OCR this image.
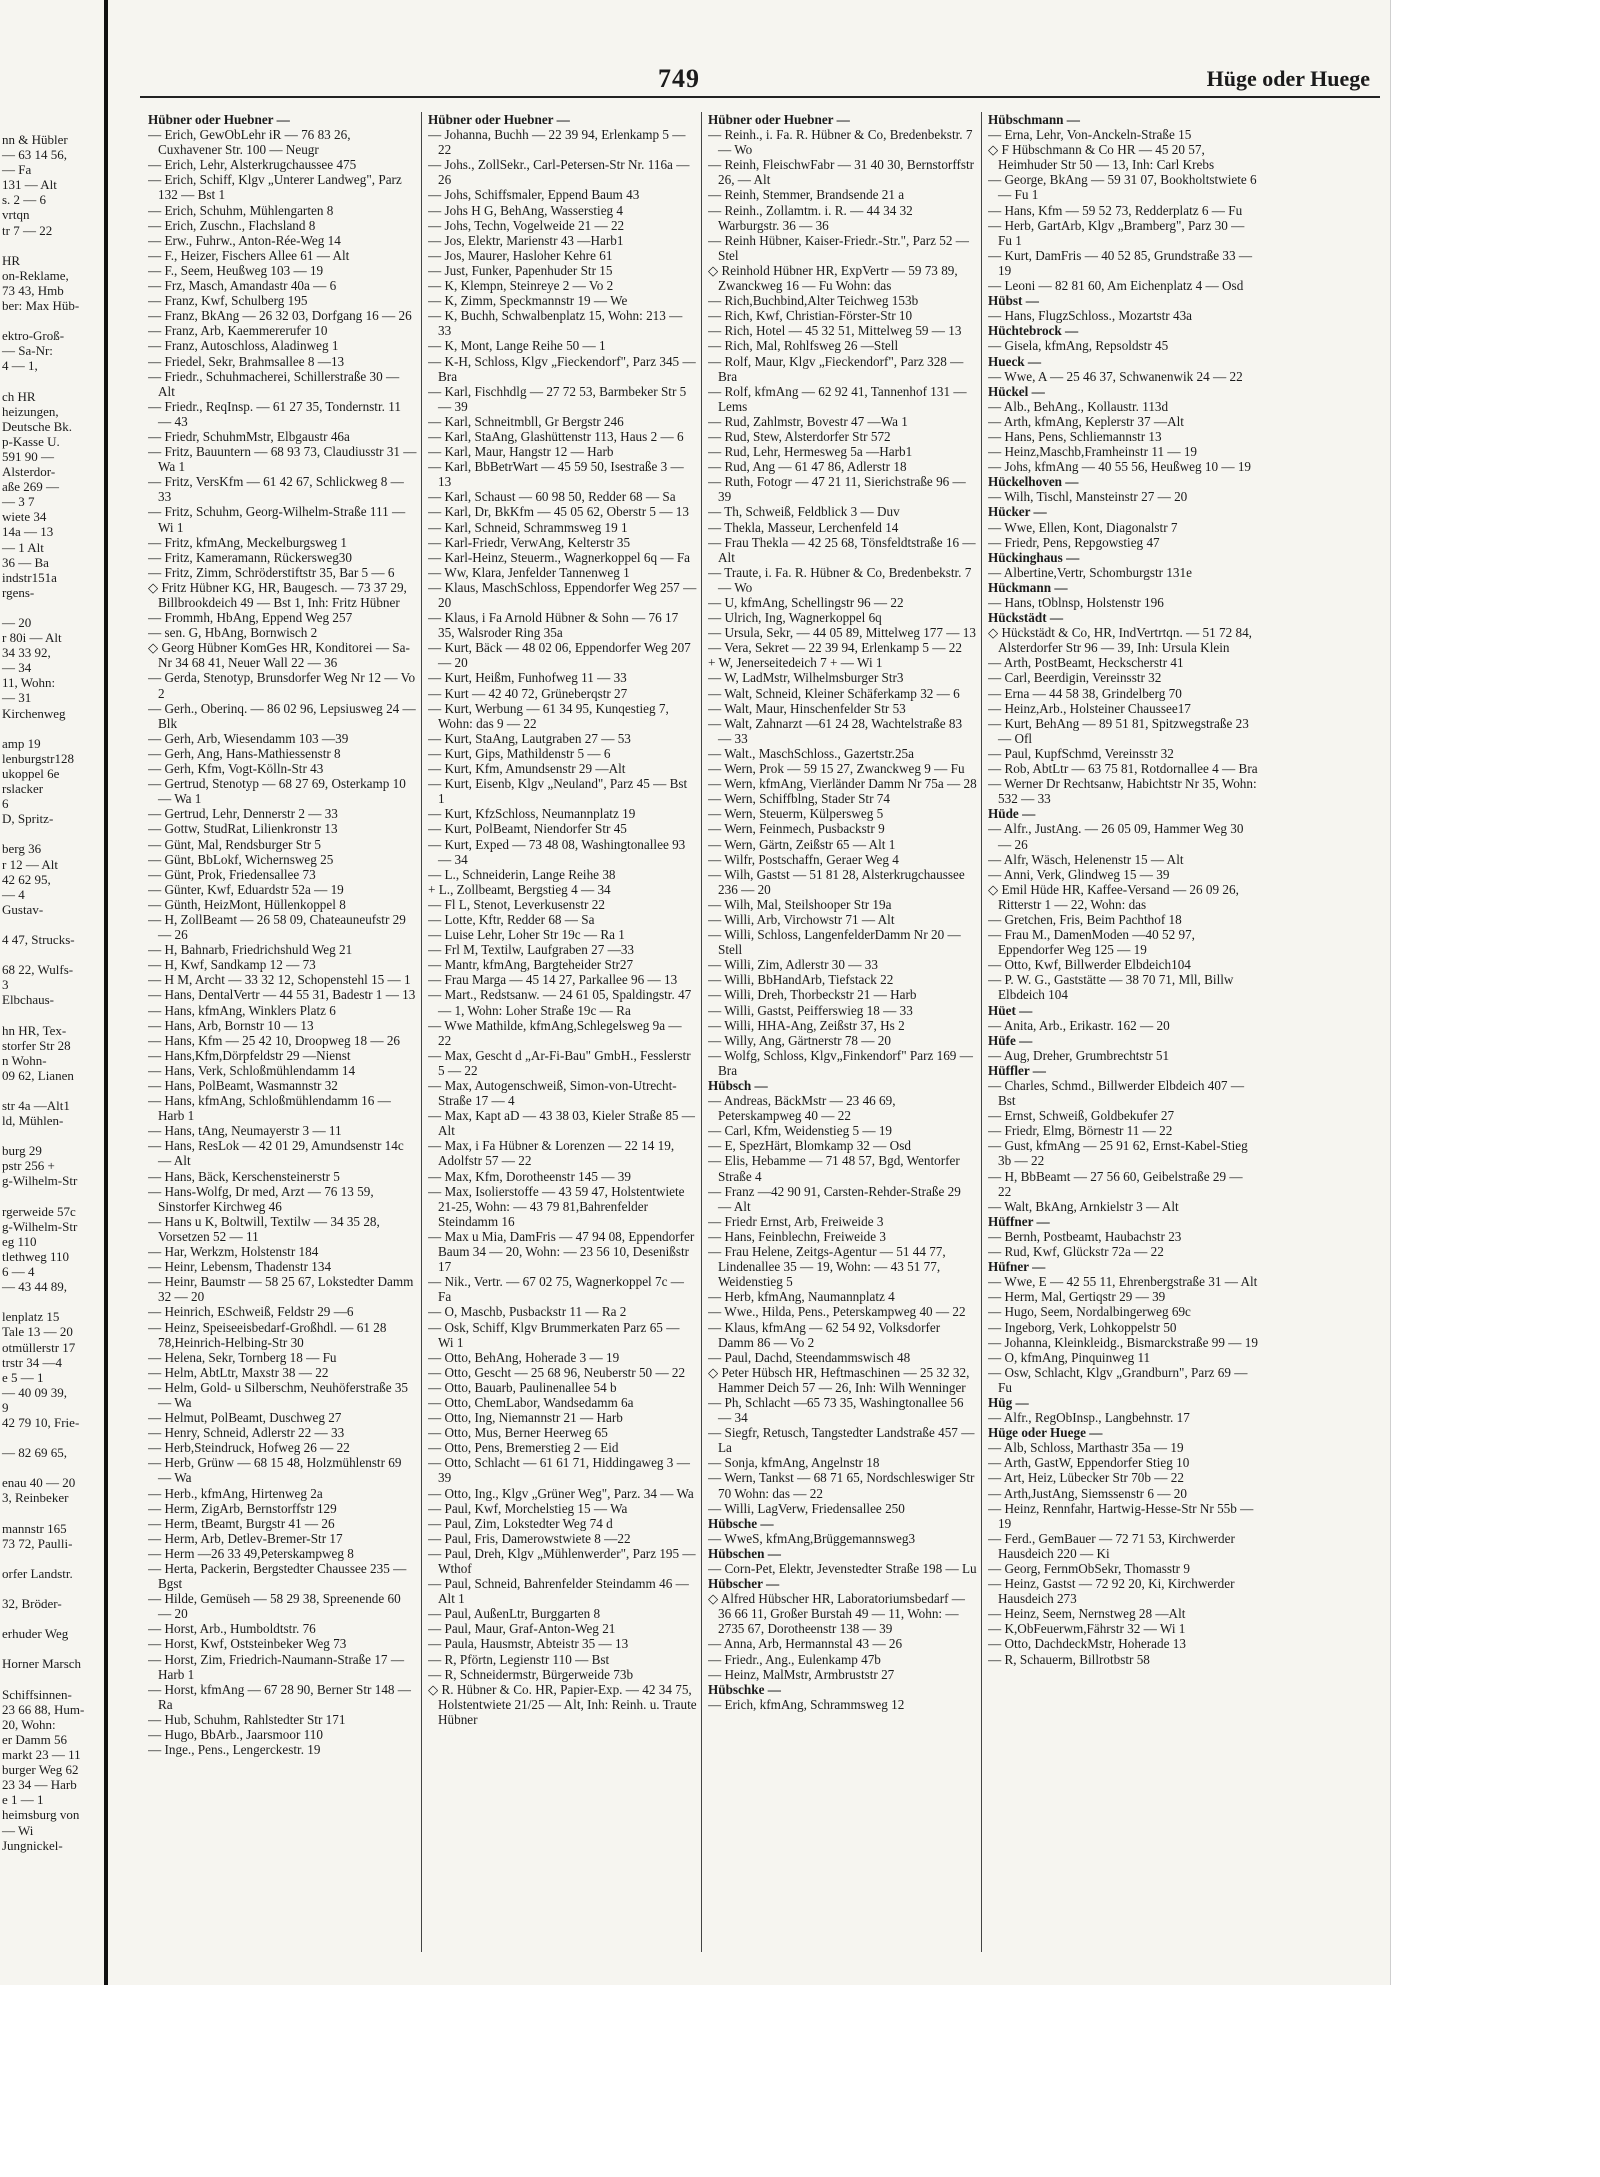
nn & Hübler
— 63 14 56,
— Fa
131 — Alt
s. 2 — 6
vrtqn
tr 7 — 22

HR
on-Reklame,
73 43, Hmb
ber: Max Hüb-

ektro-Groß-
— Sa-Nr:
4 — 1,

ch HR
heizungen,
Deutsche Bk.
p-Kasse U.
591 90 —
Alsterdor-
aße 269 —
— 3 7
wiete 34
14a — 13
— 1 Alt
36 — Ba
indstr151a
rgens-

— 20
r 80i — Alt
34 33 92,
— 34
11, Wohn:
— 31
Kirchenweg

amp 19
lenburgstr128
ukoppel 6e
rslacker
6
D, Spritz-

berg 36
r 12 — Alt
42 62 95,
— 4
Gustav-

4 47, Strucks-

68 22, Wulfs-
3
Elbchaus-

hn HR, Tex-
storfer Str 28
n Wohn-
09 62, Lianen

str 4a —Alt1
ld, Mühlen-

burg 29
pstr 256 +
g-Wilhelm-Str

rgerweide 57c
g-Wilhelm-Str
eg 110
tlethweg 110
6 — 4
— 43 44 89,

lenplatz 15
Tale 13 — 20
otmüllerstr 17
trstr 34 —4
e 5 — 1
— 40 09 39,
9
42 79 10, Frie-

— 82 69 65,

enau 40 — 20
3, Reinbeker

mannstr 165
73 72, Paulli-

orfer Landstr.

32, Bröder-

erhuder Weg

Horner Marsch

Schiffsinnen-
23 66 88, Hum-
20, Wohn:
er Damm 56
markt 23 — 11
burger Weg 62
23 34 — Harb
e 1 — 1
heimsburg von
— Wi
Jungnickel-
749	Hüge oder Huege
Hübner oder Huebner —
— Erich, GewObLehr iR — 76 83 26, Cuxhavener Str. 100 — Neugr
— Erich, Lehr, Alsterkrugchaussee 475
— Erich, Schiff, Klgv „Unterer Landweg", Parz 132 — Bst 1
— Erich, Schuhm, Mühlengarten 8
— Erich, Zuschn., Flachsland 8
— Erw., Fuhrw., Anton-Rée-Weg 14
— F., Heizer, Fischers Allee 61 — Alt
— F., Seem, Heußweg 103 — 19
— Frz, Masch, Amandastr 40a — 6
— Franz, Kwf, Schulberg 195
— Franz, BkAng — 26 32 03, Dorfgang 16 — 26
— Franz, Arb, Kaemmererufer 10
— Franz, Autoschloss, Aladinweg 1
— Friedel, Sekr, Brahmsallee 8 —13
— Friedr., Schuhmacherei, Schillerstraße 30 — Alt
— Friedr., ReqInsp. — 61 27 35, Tondernstr. 11 — 43
— Friedr, SchuhmMstr, Elbgaustr 46a
— Fritz, Bauuntern — 68 93 73, Claudiusstr 31 — Wa 1
— Fritz, VersKfm — 61 42 67, Schlickweg 8 — 33
— Fritz, Schuhm, Georg-Wilhelm-Straße 111 — Wi 1
— Fritz, kfmAng, Meckelburgsweg 1
— Fritz, Kameramann, Rückersweg30
— Fritz, Zimm, Schröderstiftstr 35, Bar 5 — 6
◇ Fritz Hübner KG, HR, Baugesch. — 73 37 29, Billbrookdeich 49 — Bst 1, Inh: Fritz Hübner
— Frommh, HbAng, Eppend Weg 257
— sen. G, HbAng, Bornwisch 2
◇ Georg Hübner KomGes HR, Konditorei — Sa-Nr 34 68 41, Neuer Wall 22 — 36
— Gerda, Stenotyp, Brunsdorfer Weg Nr 12 — Vo 2
— Gerh., Oberinq. — 86 02 96, Lepsiusweg 24 — Blk
— Gerh, Arb, Wiesendamm 103 —39
— Gerh, Ang, Hans-Mathiessenstr 8
— Gerh, Kfm, Vogt-Kölln-Str 43
— Gertrud, Stenotyp — 68 27 69, Osterkamp 10 — Wa 1
— Gertrud, Lehr, Dennerstr 2 — 33
— Gottw, StudRat, Lilienkronstr 13
— Günt, Mal, Rendsburger Str 5
— Günt, BbLokf, Wichernsweg 25
— Günt, Prok, Friedensallee 73
— Günter, Kwf, Eduardstr 52a — 19
— Günth, HeizMont, Hüllenkoppel 8
— H, ZollBeamt — 26 58 09, Chateauneufstr 29 — 26
— H, Bahnarb, Friedrichshuld Weg 21
— H, Kwf, Sandkamp 12 — 73
— H M, Archt — 33 32 12, Schopenstehl 15 — 1
— Hans, DentalVertr — 44 55 31, Badestr 1 — 13
— Hans, kfmAng, Winklers Platz 6
— Hans, Arb, Bornstr 10 — 13
— Hans, Kfm — 25 42 10, Droopweg 18 — 26
— Hans,Kfm,Dörpfeldstr 29 —Nienst
— Hans, Verk, Schloßmühlendamm 14
— Hans, PolBeamt, Wasmannstr 32
— Hans, kfmAng, Schloßmühlendamm 16 — Harb 1
— Hans, tAng, Neumayerstr 3 — 11
— Hans, ResLok — 42 01 29, Amundsenstr 14c — Alt
— Hans, Bäck, Kerschensteinerstr 5
— Hans-Wolfg, Dr med, Arzt — 76 13 59, Sinstorfer Kirchweg 46
— Hans u K, Boltwill, Textilw — 34 35 28, Vorsetzen 52 — 11
— Har, Werkzm, Holstenstr 184
— Heinr, Lebensm, Thadenstr 134
— Heinr, Baumstr — 58 25 67, Lokstedter Damm 32 — 20
— Heinrich, ESchweiß, Feldstr 29 —6
— Heinz, Speiseeisbedarf-Großhdl. — 61 28 78,Heinrich-Helbing-Str 30
— Helena, Sekr, Tornberg 18 — Fu
— Helm, AbtLtr, Maxstr 38 — 22
— Helm, Gold- u Silberschm, Neuhöferstraße 35 — Wa
— Helmut, PolBeamt, Duschweg 27
— Henry, Schneid, Adlerstr 22 — 33
— Herb,Steindruck, Hofweg 26 — 22
— Herb, Grünw — 68 15 48, Holzmühlenstr 69 — Wa
— Herb., kfmAng, Hirtenweg 2a
— Herm, ZigArb, Bernstorffstr 129
— Herm, tBeamt, Burgstr 41 — 26
— Herm, Arb, Detlev-Bremer-Str 17
— Herm —26 33 49,Peterskampweg 8
— Herta, Packerin, Bergstedter Chaussee 235 — Bgst
— Hilde, Gemüseh — 58 29 38, Spreenende 60 — 20
— Horst, Arb., Humboldtstr. 76
— Horst, Kwf, Oststeinbeker Weg 73
— Horst, Zim, Friedrich-Naumann-Straße 17 — Harb 1
— Horst, kfmAng — 67 28 90, Berner Str 148 — Ra
— Hub, Schuhm, Rahlstedter Str 171
— Hugo, BbArb., Jaarsmoor 110
— Inge., Pens., Lengerckestr. 19
Hübner oder Huebner —
— Johanna, Buchh — 22 39 94, Erlenkamp 5 — 22
— Johs., ZollSekr., Carl-Petersen-Str Nr. 116a — 26
— Johs, Schiffsmaler, Eppend Baum 43
— Johs H G, BehAng, Wasserstieg 4
— Johs, Techn, Vogelweide 21 — 22
— Jos, Elektr, Marienstr 43 —Harb1
— Jos, Maurer, Hasloher Kehre 61
— Just, Funker, Papenhuder Str 15
— K, Klempn, Steinreye 2 — Vo 2
— K, Zimm, Speckmannstr 19 — We
— K, Buchh, Schwalbenplatz 15, Wohn: 213 — 33
— K, Mont, Lange Reihe 50 — 1
— K-H, Schloss, Klgv „Fieckendorf", Parz 345 — Bra
— Karl, Fischhdlg — 27 72 53, Barmbeker Str 5 — 39
— Karl, Schneitmbll, Gr Bergstr 246
— Karl, StaAng, Glashüttenstr 113, Haus 2 — 6
— Karl, Maur, Hangstr 12 — Harb
— Karl, BbBetrWart — 45 59 50, Isestraße 3 — 13
— Karl, Schaust — 60 98 50, Redder 68 — Sa
— Karl, Dr, BkKfm — 45 05 62, Oberstr 5 — 13
— Karl, Schneid, Schrammsweg 19 1
— Karl-Friedr, VerwAng, Kelterstr 35
— Karl-Heinz, Steuerm., Wagnerkoppel 6q — Fa
— Ww, Klara, Jenfelder Tannenweg 1
— Klaus, MaschSchloss, Eppendorfer Weg 257 — 20
— Klaus, i Fa Arnold Hübner & Sohn — 76 17 35, Walsroder Ring 35a
— Kurt, Bäck — 48 02 06, Eppendorfer Weg 207 — 20
— Kurt, Heißm, Funhofweg 11 — 33
— Kurt — 42 40 72, Grüneberqstr 27
— Kurt, Werbung — 61 34 95, Kunqestieg 7, Wohn: das 9 — 22
— Kurt, StaAng, Lautgraben 27 — 53
— Kurt, Gips, Mathildenstr 5 — 6
— Kurt, Kfm, Amundsenstr 29 —Alt
— Kurt, Eisenb, Klgv „Neuland", Parz 45 — Bst 1
— Kurt, KfzSchloss, Neumannplatz 19
— Kurt, PolBeamt, Niendorfer Str 45
— Kurt, Exped — 73 48 08, Washingtonallee 93 — 34
— L., Schneiderin, Lange Reihe 38
+ L., Zollbeamt, Bergstieg 4 — 34
— Fl L, Stenot, Leverkusenstr 22
— Lotte, Kftr, Redder 68 — Sa
— Luise Lehr, Loher Str 19c — Ra 1
— Frl M, Textilw, Laufgraben 27 —33
— Mantr, kfmAng, Bargteheider Str27
— Frau Marga — 45 14 27, Parkallee 96 — 13
— Mart., Redstsanw. — 24 61 05, Spaldingstr. 47 — 1, Wohn: Loher Straße 19c — Ra
— Wwe Mathilde, kfmAng,Schlegelsweg 9a — 22
— Max, Gescht d „Ar-Fi-Bau" GmbH., Fesslerstr 5 — 22
— Max, Autogenschweiß, Simon-von-Utrecht-Straße 17 — 4
— Max, Kapt aD — 43 38 03, Kieler Straße 85 — Alt
— Max, i Fa Hübner & Lorenzen — 22 14 19, Adolfstr 57 — 22
— Max, Kfm, Dorotheenstr 145 — 39
— Max, Isolierstoffe — 43 59 47, Holstentwiete 21-25, Wohn: — 43 79 81,Bahrenfelder Steindamm 16
— Max u Mia, DamFris — 47 94 08, Eppendorfer Baum 34 — 20, Wohn: — 23 56 10, Desenißstr 17
— Nik., Vertr. — 67 02 75, Wagnerkoppel 7c — Fa
— O, Maschb, Pusbackstr 11 — Ra 2
— Osk, Schiff, Klgv Brummerkaten Parz 65 — Wi 1
— Otto, BehAng, Hoherade 3 — 19
— Otto, Gescht — 25 68 96, Neuberstr 50 — 22
— Otto, Bauarb, Paulinenallee 54 b
— Otto, ChemLabor, Wandsedamm 6a
— Otto, Ing, Niemannstr 21 — Harb
— Otto, Mus, Berner Heerweg 65
— Otto, Pens, Bremerstieg 2 — Eid
— Otto, Schlacht — 61 61 71, Hiddingaweg 3 — 39
— Otto, Ing., Klgv „Grüner Weg", Parz. 34 — Wa
— Paul, Kwf, Morchelstieg 15 — Wa
— Paul, Zim, Lokstedter Weg 74 d
— Paul, Fris, Damerowstwiete 8 —22
— Paul, Dreh, Klgv „Mühlenwerder", Parz 195 — Wthof
— Paul, Schneid, Bahrenfelder Steindamm 46 — Alt 1
— Paul, AußenLtr, Burggarten 8
— Paul, Maur, Graf-Anton-Weg 21
— Paula, Hausmstr, Abteistr 35 — 13
— R, Pförtn, Legienstr 110 — Bst
— R, Schneidermstr, Bürgerweide 73b
◇ R. Hübner & Co. HR, Papier-Exp. — 42 34 75, Holstentwiete 21/25 — Alt, Inh: Reinh. u. Traute Hübner
Hübner oder Huebner —
— Reinh., i. Fa. R. Hübner & Co, Bredenbekstr. 7 — Wo
— Reinh, FleischwFabr — 31 40 30, Bernstorffstr 26, — Alt
— Reinh, Stemmer, Brandsende 21 a
— Reinh., Zollamtm. i. R. — 44 34 32 Warburgstr. 36 — 36
— Reinh Hübner, Kaiser-Friedr.-Str.", Parz 52 — Stel
◇ Reinhold Hübner HR, ExpVertr — 59 73 89, Zwanckweg 16 — Fu Wohn: das
— Rich,Buchbind,Alter Teichweg 153b
— Rich, Kwf, Christian-Förster-Str 10
— Rich, Hotel — 45 32 51, Mittelweg 59 — 13
— Rich, Mal, Rohlfsweg 26 —Stell
— Rolf, Maur, Klgv „Fieckendorf", Parz 328 — Bra
— Rolf, kfmAng — 62 92 41, Tannenhof 131 — Lems
— Rud, Zahlmstr, Bovestr 47 —Wa 1
— Rud, Stew, Alsterdorfer Str 572
— Rud, Lehr, Hermesweg 5a —Harb1
— Rud, Ang — 61 47 86, Adlerstr 18
— Ruth, Fotogr — 47 21 11, Sierichstraße 96 — 39
— Th, Schweiß, Feldblick 3 — Duv
— Thekla, Masseur, Lerchenfeld 14
— Frau Thekla — 42 25 68, Tönsfeldtstraße 16 — Alt
— Traute, i. Fa. R. Hübner & Co, Bredenbekstr. 7 — Wo
— U, kfmAng, Schellingstr 96 — 22
— Ulrich, Ing, Wagnerkoppel 6q
— Ursula, Sekr, — 44 05 89, Mittelweg 177 — 13
— Vera, Sekret — 22 39 94, Erlenkamp 5 — 22
+ W, Jenerseitedeich 7 + — Wi 1
— W, LadMstr, Wilhelmsburger Str3
— Walt, Schneid, Kleiner Schäferkamp 32 — 6
— Walt, Maur, Hinschenfelder Str 53
— Walt, Zahnarzt —61 24 28, Wachtelstraße 83 — 33
— Walt., MaschSchloss., Gazertstr.25a
— Wern, Prok — 59 15 27, Zwanckweg 9 — Fu
— Wern, kfmAng, Vierländer Damm Nr 75a — 28
— Wern, Schiffblng, Stader Str 74
— Wern, Steuerm, Külpersweg 5
— Wern, Feinmech, Pusbackstr 9
— Wern, Gärtn, Zeißstr 65 — Alt 1
— Wilfr, Postschaffn, Geraer Weg 4
— Wilh, Gastst — 51 81 28, Alsterkrugchaussee 236 — 20
— Wilh, Mal, Steilshooper Str 19a
— Willi, Arb, Virchowstr 71 — Alt
— Willi, Schloss, LangenfelderDamm Nr 20 — Stell
— Willi, Zim, Adlerstr 30 — 33
— Willi, BbHandArb, Tiefstack 22
— Willi, Dreh, Thorbeckstr 21 — Harb
— Willi, Gastst, Peifferswieg 18 — 33
— Willi, HHA-Ang, Zeißstr 37, Hs 2
— Willy, Ang, Gärtnerstr 78 — 20
— Wolfg, Schloss, Klgv„Finkendorf" Parz 169 — Bra
Hübsch —
— Andreas, BäckMstr — 23 46 69, Peterskampweg 40 — 22
— Carl, Kfm, Weidenstieg 5 — 19
— E, SpezHärt, Blomkamp 32 — Osd
— Elis, Hebamme — 71 48 57, Bgd, Wentorfer Straße 4
— Franz —42 90 91, Carsten-Rehder-Straße 29 — Alt
— Friedr Ernst, Arb, Freiweide 3
— Hans, Feinblechn, Freiweide 3
— Frau Helene, Zeitgs-Agentur — 51 44 77, Lindenallee 35 — 19, Wohn: — 43 51 77, Weidenstieg 5
— Herb, kfmAng, Naumannplatz 4
— Wwe., Hilda, Pens., Peterskampweg 40 — 22
— Klaus, kfmAng — 62 54 92, Volksdorfer Damm 86 — Vo 2
— Paul, Dachd, Steendammswisch 48
◇ Peter Hübsch HR, Heftmaschinen — 25 32 32, Hammer Deich 57 — 26, Inh: Wilh Wenninger
— Ph, Schlacht —65 73 35, Washingtonallee 56 — 34
— Siegfr, Retusch, Tangstedter Landstraße 457 — La
— Sonja, kfmAng, Angelnstr 18
— Wern, Tankst — 68 71 65, Nordschleswiger Str 70 Wohn: das — 22
— Willi, LagVerw, Friedensallee 250
Hübsche —
— WweS, kfmAng,Brüggemannsweg3
Hübschen —
— Corn-Pet, Elektr, Jevenstedter Straße 198 — Lu
Hübscher —
◇ Alfred Hübscher HR, Laboratoriumsbedarf — 36 66 11, Großer Burstah 49 — 11, Wohn: — 2735 67, Dorotheenstr 138 — 39
— Anna, Arb, Hermannstal 43 — 26
— Friedr., Ang., Eulenkamp 47b
— Heinz, MalMstr, Armbruststr 27
Hübschke —
— Erich, kfmAng, Schrammsweg 12
Hübschmann —
— Erna, Lehr, Von-Anckeln-Straße 15
◇ F Hübschmann & Co HR — 45 20 57, Heimhuder Str 50 — 13, Inh: Carl Krebs
— George, BkAng — 59 31 07, Bookholtstwiete 6 — Fu 1
— Hans, Kfm — 59 52 73, Redderplatz 6 — Fu
— Herb, GartArb, Klgv „Bramberg", Parz 30 — Fu 1
— Kurt, DamFris — 40 52 85, Grundstraße 33 — 19
— Leoni — 82 81 60, Am Eichenplatz 4 — Osd
Hübst —
— Hans, FlugzSchloss., Mozartstr 43a
Hüchtebrock —
— Gisela, kfmAng, Repsoldstr 45
Hueck —
— Wwe, A — 25 46 37, Schwanenwik 24 — 22
Hückel —
— Alb., BehAng., Kollaustr. 113d
— Arth, kfmAng, Keplerstr 37 —Alt
— Hans, Pens, Schliemannstr 13
— Heinz,Maschb,Framheinstr 11 — 19
— Johs, kfmAng — 40 55 56, Heußweg 10 — 19
Hückelhoven —
— Wilh, Tischl, Mansteinstr 27 — 20
Hücker —
— Wwe, Ellen, Kont, Diagonalstr 7
— Friedr, Pens, Repgowstieg 47
Hückinghaus —
— Albertine,Vertr, Schomburgstr 131e
Hückmann —
— Hans, tOblnsp, Holstenstr 196
Hückstädt —
◇ Hückstädt & Co, HR, IndVertrtqn. — 51 72 84, Alsterdorfer Str 96 — 39, Inh: Ursula Klein
— Arth, PostBeamt, Heckscherstr 41
— Carl, Beerdigin, Vereinsstr 32
— Erna — 44 58 38, Grindelberg 70
— Heinz,Arb., Holsteiner Chaussee17
— Kurt, BehAng — 89 51 81, Spitzwegstraße 23 — Ofl
— Paul, KupfSchmd, Vereinsstr 32
— Rob, AbtLtr — 63 75 81, Rotdornallee 4 — Bra
— Werner Dr Rechtsanw, Habichtstr Nr 35, Wohn: 532 — 33
Hüde —
— Alfr., JustAng. — 26 05 09, Hammer Weg 30 — 26
— Alfr, Wäsch, Helenenstr 15 — Alt
— Anni, Verk, Glindweg 15 — 39
◇ Emil Hüde HR, Kaffee-Versand — 26 09 26, Ritterstr 1 — 22, Wohn: das
— Gretchen, Fris, Beim Pachthof 18
— Frau M., DamenModen —40 52 97, Eppendorfer Weg 125 — 19
— Otto, Kwf, Billwerder Elbdeich104
— P. W. G., Gaststätte — 38 70 71, Mll, Billw Elbdeich 104
Hüet —
— Anita, Arb., Erikastr. 162 — 20
Hüfe —
— Aug, Dreher, Grumbrechtstr 51
Hüffler —
— Charles, Schmd., Billwerder Elbdeich 407 — Bst
— Ernst, Schweiß, Goldbekufer 27
— Friedr, Elmg, Börnestr 11 — 22
— Gust, kfmAng — 25 91 62, Ernst-Kabel-Stieg 3b — 22
— H, BbBeamt — 27 56 60, Geibelstraße 29 — 22
— Walt, BkAng, Arnkielstr 3 — Alt
Hüffner —
— Bernh, Postbeamt, Haubachstr 23
— Rud, Kwf, Glückstr 72a — 22
Hüfner —
— Wwe, E — 42 55 11, Ehrenbergstraße 31 — Alt
— Herm, Mal, Gertiqstr 29 — 39
— Hugo, Seem, Nordalbingerweg 69c
— Ingeborg, Verk, Lohkoppelstr 50
— Johanna, Kleinkleidg., Bismarckstraße 99 — 19
— O, kfmAng, Pinquinweg 11
— Osw, Schlacht, Klgv „Grandburn", Parz 69 — Fu
Hüg —
— Alfr., RegObInsp., Langbehnstr. 17
Hüge oder Huege —
— Alb, Schloss, Marthastr 35a — 19
— Arth, GastW, Eppendorfer Stieg 10
— Art, Heiz, Lübecker Str 70b — 22
— Arth,JustAng, Siemssenstr 6 — 20
— Heinz, Rennfahr, Hartwig-Hesse-Str Nr 55b — 19
— Ferd., GemBauer — 72 71 53, Kirchwerder Hausdeich 220 — Ki
— Georg, FernmObSekr, Thomasstr 9
— Heinz, Gastst — 72 92 20, Ki, Kirchwerder Hausdeich 273
— Heinz, Seem, Nernstweg 28 —Alt
— K,ObFeuerwm,Fährstr 32 — Wi 1
— Otto, DachdeckMstr, Hoherade 13
— R, Schauerm, Billrotbstr 58
